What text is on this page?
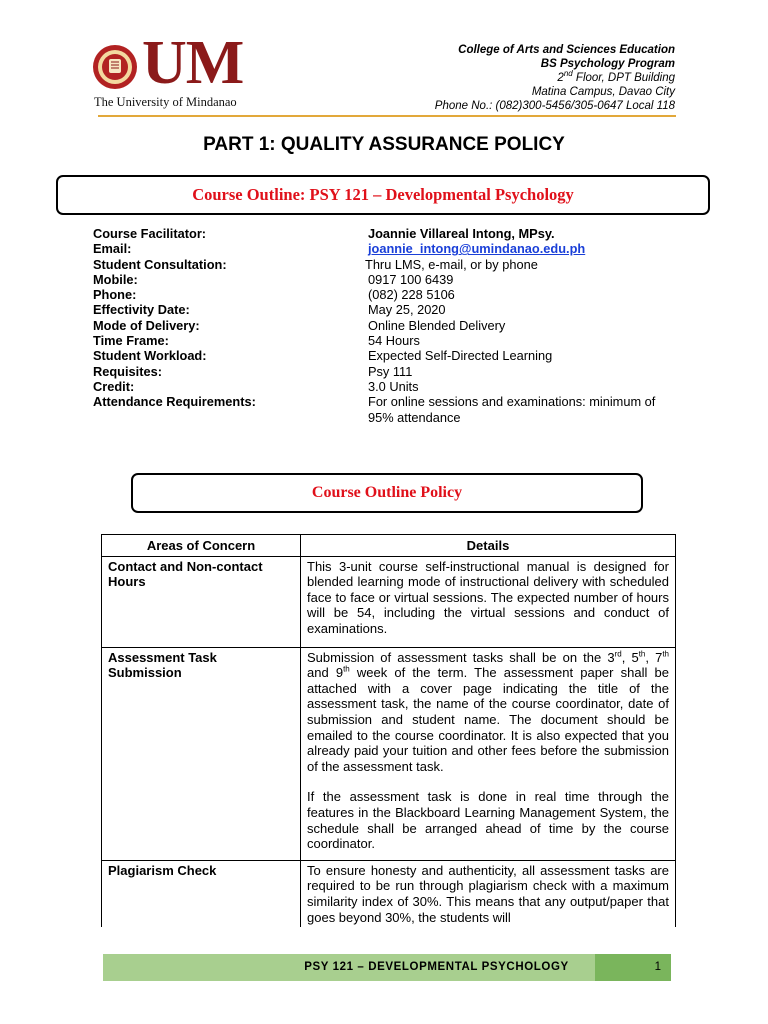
UM
The University of Mindanao
College of Arts and Sciences Education
BS Psychology Program
2nd Floor, DPT Building
Matina Campus, Davao City
Phone No.: (082)300-5456/305-0647 Local 118
PART 1: QUALITY ASSURANCE POLICY
Course Outline: PSY 121 – Developmental Psychology
Course Facilitator:	Joannie Villareal Intong, MPsy.
Email:	joannie_intong@umindanao.edu.ph
Student Consultation:	Thru LMS, e-mail, or by phone
Mobile:	0917 100 6439
Phone:	(082) 228 5106
Effectivity Date:	May 25, 2020
Mode of Delivery:	Online Blended Delivery
Time Frame:	54 Hours
Student Workload:	Expected Self-Directed Learning
Requisites:	Psy 111
Credit:	3.0 Units
Attendance Requirements:	For online sessions and examinations: minimum of 95% attendance
Course Outline Policy
Areas of Concern	Details
Contact and Non-contact Hours	This 3-unit course self-instructional manual is designed for blended learning mode of instructional delivery with scheduled face to face or virtual sessions. The expected number of hours will be 54, including the virtual sessions and conduct of examinations.
Assessment Task Submission	Submission of assessment tasks shall be on the 3rd, 5th, 7th and 9th week of the term. The assessment paper shall be attached with a cover page indicating the title of the assessment task, the name of the course coordinator, date of submission and student name. The document should be emailed to the course coordinator. It is also expected that you already paid your tuition and other fees before the submission of the assessment task.

If the assessment task is done in real time through the features in the Blackboard Learning Management System, the schedule shall be arranged ahead of time by the course coordinator.

Plagiarism Check	To ensure honesty and authenticity, all assessment tasks are required to be run through plagiarism check with a maximum similarity index of 30%. This means that any output/paper that goes beyond 30%, the students will
PSY 121 – DEVELOPMENTAL PSYCHOLOGY	1
